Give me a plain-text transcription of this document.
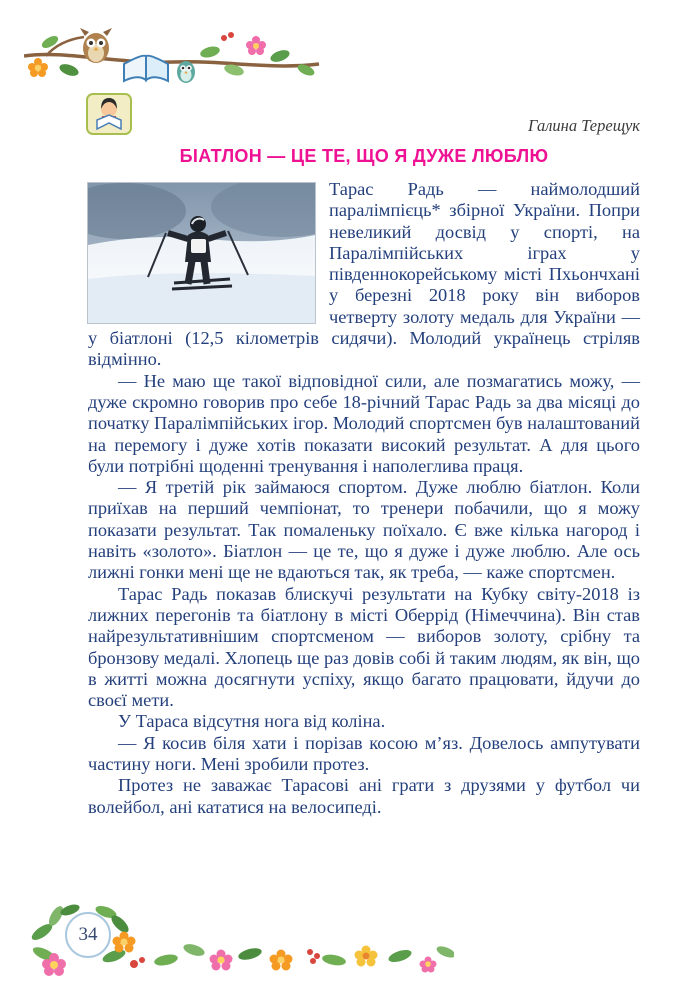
Галина Терещук
БІАТЛОН — ЦЕ ТЕ, ЩО Я ДУЖЕ ЛЮБЛЮ

Тарас Радь — наймолодший паралімпієць* збірної України. Попри невеликий досвід у спорті, на Паралімпійських іграх у південнокорейському місті Пхьончхані у березні 2018 року він виборов четверту золоту медаль для України — у біатлоні (12,5 кілометрів сидячи). Молодий українець стріляв відмінно.

— Не маю ще такої відповідної сили, але позмагатись можу, — дуже скромно говорив про себе 18-річний Тарас Радь за два місяці до початку Паралімпійських ігор. Молодий спортсмен був налаштований на перемогу і дуже хотів показати високий результат. А для цього були потрібні щоденні тренування і наполеглива праця.

— Я третій рік займаюся спортом. Дуже люблю біатлон. Коли приїхав на перший чемпіонат, то тренери побачили, що я можу показати результат. Так помаленьку поїхало. Є вже кілька нагород і навіть «золото». Біатлон — це те, що я дуже і дуже люблю. Але ось лижні гонки мені ще не вдаються так, як треба, — каже спортсмен.

Тарас Радь показав блискучі результати на Кубку світу-2018 із лижних перегонів та біатлону в місті Оберрід (Німеччина). Він став найрезультативнішим спортсменом — виборов золоту, срібну та бронзову медалі. Хлопець ще раз довів собі й таким людям, як він, що в житті можна досягнути успіху, якщо багато працювати, йдучи до своєї мети.

У Тараса відсутня нога від коліна.

— Я косив біля хати і порізав косою м’яз. Довелось ампутувати частину ноги. Мені зробили протез.

Протез не заважає Тарасові ані грати з друзями у футбол чи волейбол, ані кататися на велосипеді.

34
